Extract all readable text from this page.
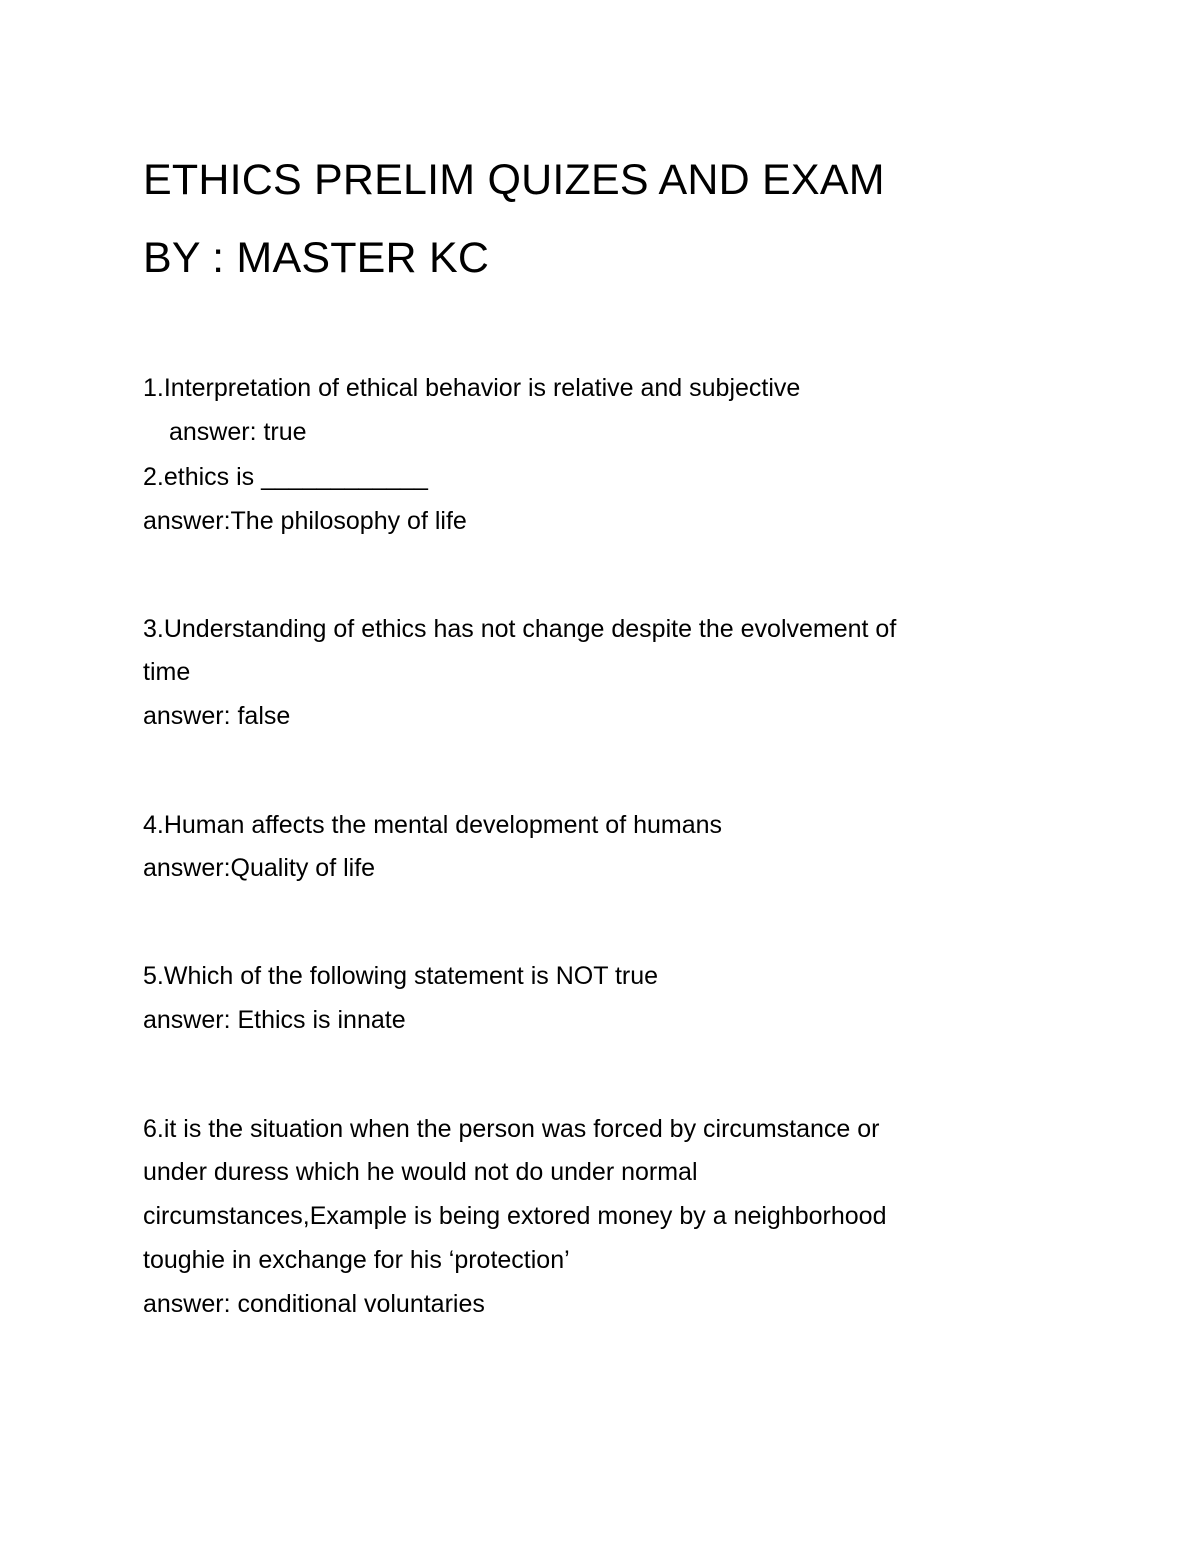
ETHICS PRELIM QUIZES AND EXAM
BY : MASTER KC
1.Interpretation of ethical behavior is relative and subjective
answer: true
2.ethics is ____________
answer:The philosophy of life
3.Understanding of ethics has not change despite the evolvement of
time
answer: false
4.Human affects the mental development of humans
answer:Quality of life
5.Which of the following statement is NOT true
answer: Ethics is innate
6.it is the situation when the person was forced by circumstance or
under duress which he would not do under normal
circumstances,Example is being extored money by a neighborhood
toughie in exchange for his ‘protection’
answer: conditional voluntaries
